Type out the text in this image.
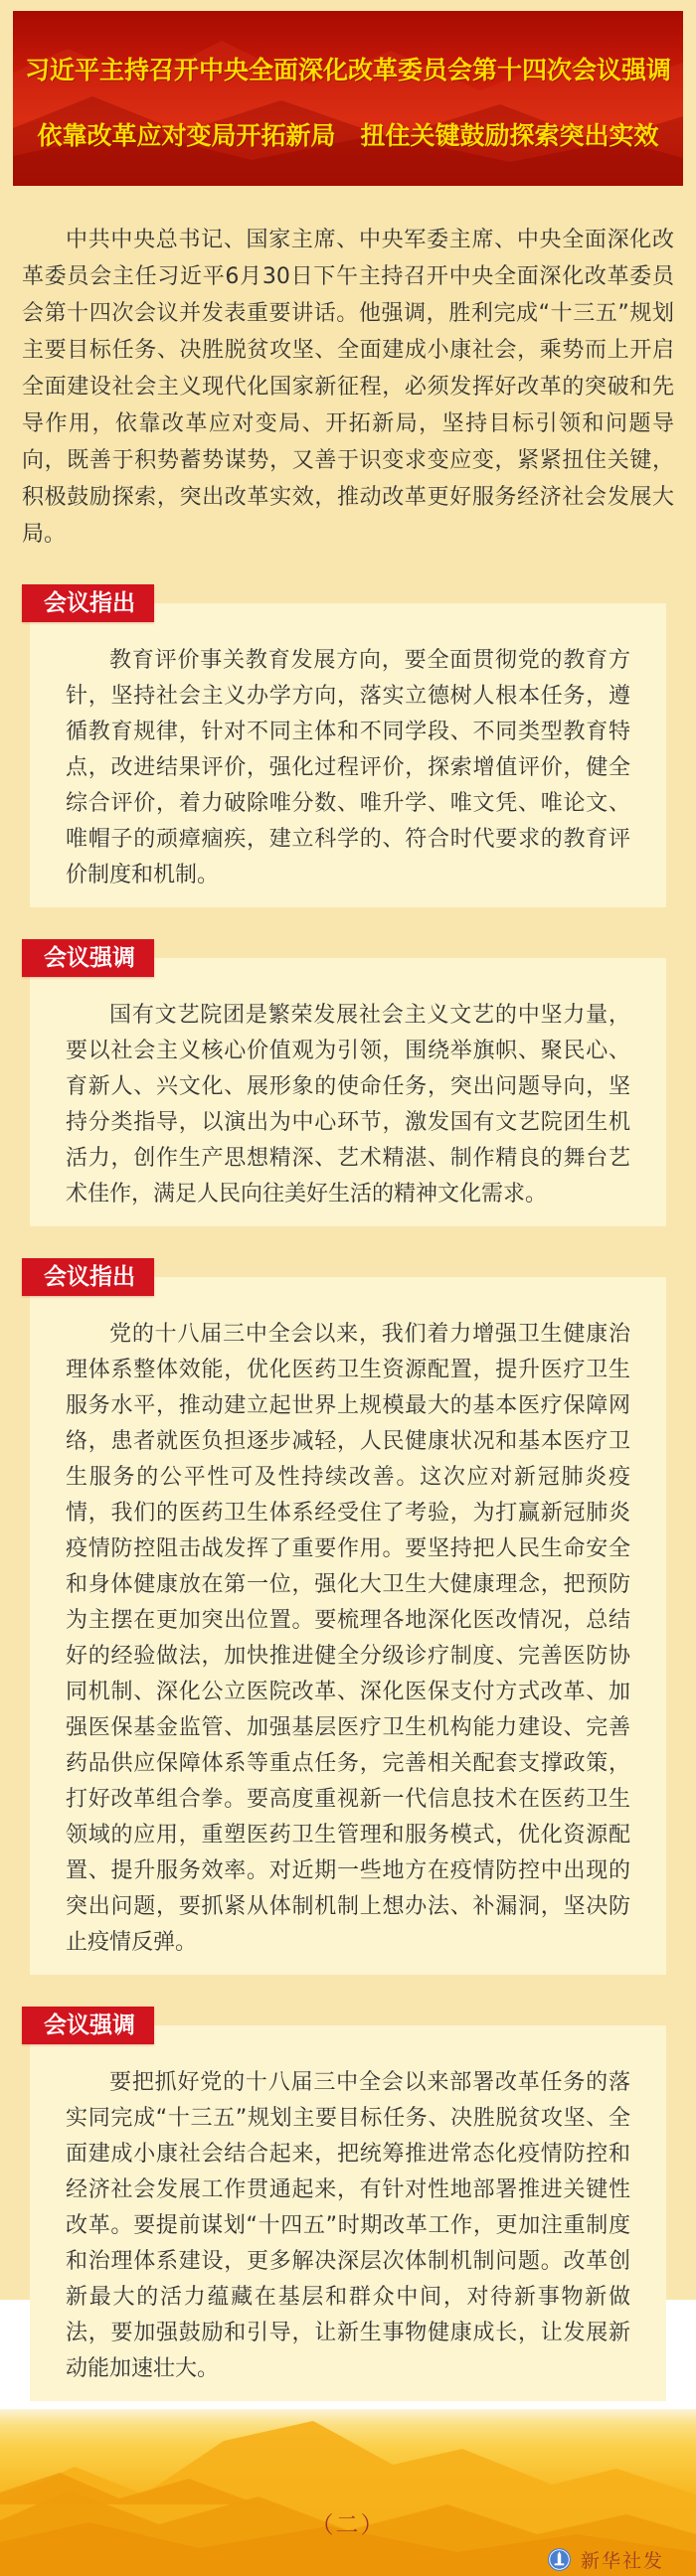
习近平主持召开中央全面深化改革委员会第十四次会议强调
依靠改革应对变局开拓新局　扭住关键鼓励探索突出实效

中共中央总书记、国家主席、中央军委主席、中央全面深化改革委员会主任习近平6月30日下午主持召开中央全面深化改革委员会第十四次会议并发表重要讲话。他强调，胜利完成“十三五”规划主要目标任务、决胜脱贫攻坚、全面建成小康社会，乘势而上开启全面建设社会主义现代化国家新征程，必须发挥好改革的突破和先导作用，依靠改革应对变局、开拓新局，坚持目标引领和问题导向，既善于积势蓄势谋势，又善于识变求变应变，紧紧扭住关键，积极鼓励探索，突出改革实效，推动改革更好服务经济社会发展大局。

会议指出

教育评价事关教育发展方向，要全面贯彻党的教育方针，坚持社会主义办学方向，落实立德树人根本任务，遵循教育规律，针对不同主体和不同学段、不同类型教育特点，改进结果评价，强化过程评价，探索增值评价，健全综合评价，着力破除唯分数、唯升学、唯文凭、唯论文、唯帽子的顽瘴痼疾，建立科学的、符合时代要求的教育评价制度和机制。

会议强调

国有文艺院团是繁荣发展社会主义文艺的中坚力量，要以社会主义核心价值观为引领，围绕举旗帜、聚民心、育新人、兴文化、展形象的使命任务，突出问题导向，坚持分类指导，以演出为中心环节，激发国有文艺院团生机活力，创作生产思想精深、艺术精湛、制作精良的舞台艺术佳作，满足人民向往美好生活的精神文化需求。

会议指出

党的十八届三中全会以来，我们着力增强卫生健康治理体系整体效能，优化医药卫生资源配置，提升医疗卫生服务水平，推动建立起世界上规模最大的基本医疗保障网络，患者就医负担逐步减轻，人民健康状况和基本医疗卫生服务的公平性可及性持续改善。这次应对新冠肺炎疫情，我们的医药卫生体系经受住了考验，为打赢新冠肺炎疫情防控阻击战发挥了重要作用。要坚持把人民生命安全和身体健康放在第一位，强化大卫生大健康理念，把预防为主摆在更加突出位置。要梳理各地深化医改情况，总结好的经验做法，加快推进健全分级诊疗制度、完善医防协同机制、深化公立医院改革、深化医保支付方式改革、加强医保基金监管、加强基层医疗卫生机构能力建设、完善药品供应保障体系等重点任务，完善相关配套支撑政策，打好改革组合拳。要高度重视新一代信息技术在医药卫生领域的应用，重塑医药卫生管理和服务模式，优化资源配置、提升服务效率。对近期一些地方在疫情防控中出现的突出问题，要抓紧从体制机制上想办法、补漏洞，坚决防止疫情反弹。

会议强调

要把抓好党的十八届三中全会以来部署改革任务的落实同完成“十三五”规划主要目标任务、决胜脱贫攻坚、全面建成小康社会结合起来，把统筹推进常态化疫情防控和经济社会发展工作贯通起来，有针对性地部署推进关键性改革。要提前谋划“十四五”时期改革工作，更加注重制度和治理体系建设，更多解决深层次体制机制问题。改革创新最大的活力蕴藏在基层和群众中间，对待新事物新做法，要加强鼓励和引导，让新生事物健康成长，让发展新动能加速壮大。

（二）
新华社发
